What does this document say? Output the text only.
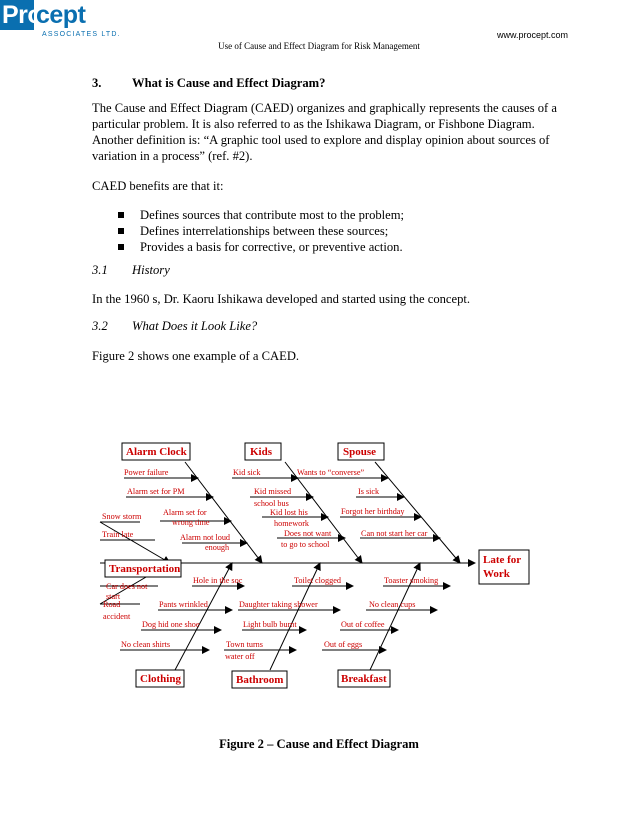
Pro
cept
ASSOCIATES LTD.	www.procept.com
Use of Cause and Effect Diagram for Risk Management
3. What is Cause and Effect Diagram?
The Cause and Effect Diagram (CAED) organizes and graphically represents the causes of a particular problem. It is also referred to as the Ishikawa Diagram, or Fishbone Diagram. Another definition is: “A graphic tool used to explore and display opinion about sources of variation in a process” (ref. #2).
CAED benefits are that it:
Defines sources that contribute most to the problem;
Defines interrelationships between these sources;
Provides a basis for corrective, or preventive action.
3.1 History
In the 1960 s, Dr. Kaoru Ishikawa developed and started using the concept.
3.2 What Does it Look Like?
Figure 2 shows one example of a CAED.
Alarm Clock	Kids	Spouse
Transportation
Clothing	Bathroom	Breakfast
Late for
Work
Power failure
Alarm set for PM
Alarm set for
wrong time
Alarm not loud
enough
Snow storm
Train late
Car does not
start
Road
accident
Kid sick
Kid missed
school bus
Kid lost his
homework
Does not want
to go to school
Wants to “converse”
Is sick
Forgot her birthday
Can not start her car
Hole in the soc
Pants wrinkled
Dog hid one shoe
No clean shirts
Toilet clogged
Daughter taking shower
Light bulb burnt
Town turns
water off
Toaster smoking
No clean cups
Out of coffee
Out of eggs
Figure 2 – Cause and Effect Diagram
